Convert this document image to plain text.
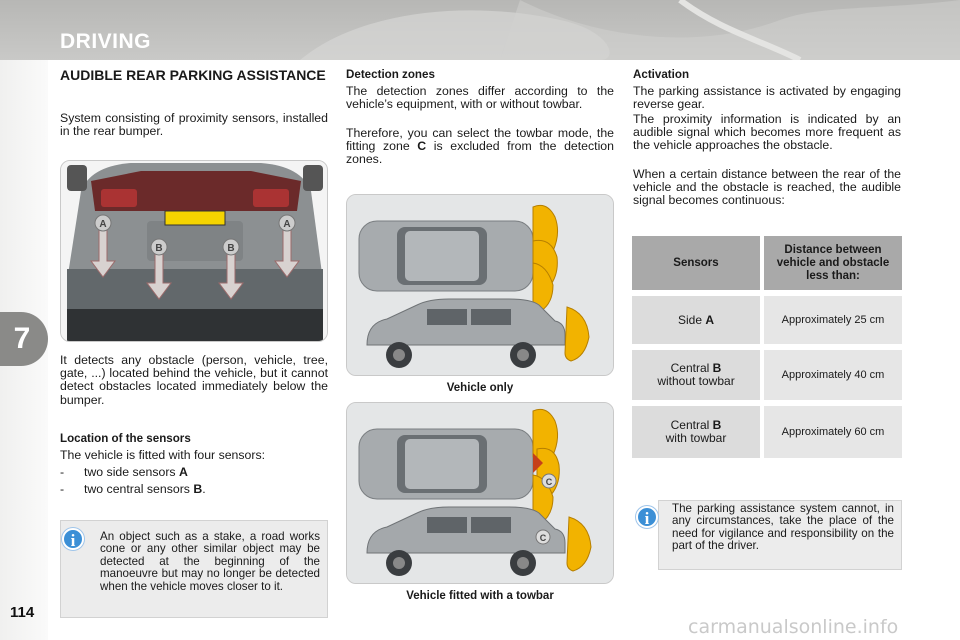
DRIVING
7
114
AUDIBLE REAR PARKING ASSISTANCE
System consisting of proximity sensors, installed in the rear bumper.
A	A
B	B
It detects any obstacle (person, vehicle, tree, gate, ...) located behind the vehicle, but it cannot detect obstacles located immediately below the bumper.
Location of the sensors
The vehicle is fitted with four sensors:
- two side sensors A
- two central sensors B.
i	An object such as a stake, a road works cone or any other similar object may be detected at the beginning of the manoeuvre but may no longer be detected when the vehicle moves closer to it.
Detection zones
The detection zones differ according to the vehicle’s equipment, with or without towbar.
Therefore, you can select the towbar mode, the fitting zone C is excluded from the detection zones.
Vehicle only
C
C
Vehicle fitted with a towbar
Activation
The parking assistance is activated by engaging reverse gear.
The proximity information is indicated by an audible signal which becomes more frequent as the vehicle approaches the obstacle.
When a certain distance between the rear of the vehicle and the obstacle is reached, the audible signal becomes continuous:
Sensors
Distance between vehicle and obstacle less than:
Side A	Approximately 25 cm
Central B
without towbar	Approximately 40 cm
Central B
with towbar	Approximately 60 cm
i
The parking assistance system cannot, in any circumstances, take the place of the need for vigilance and responsibility on the part of the driver.
carmanualsonline.info
